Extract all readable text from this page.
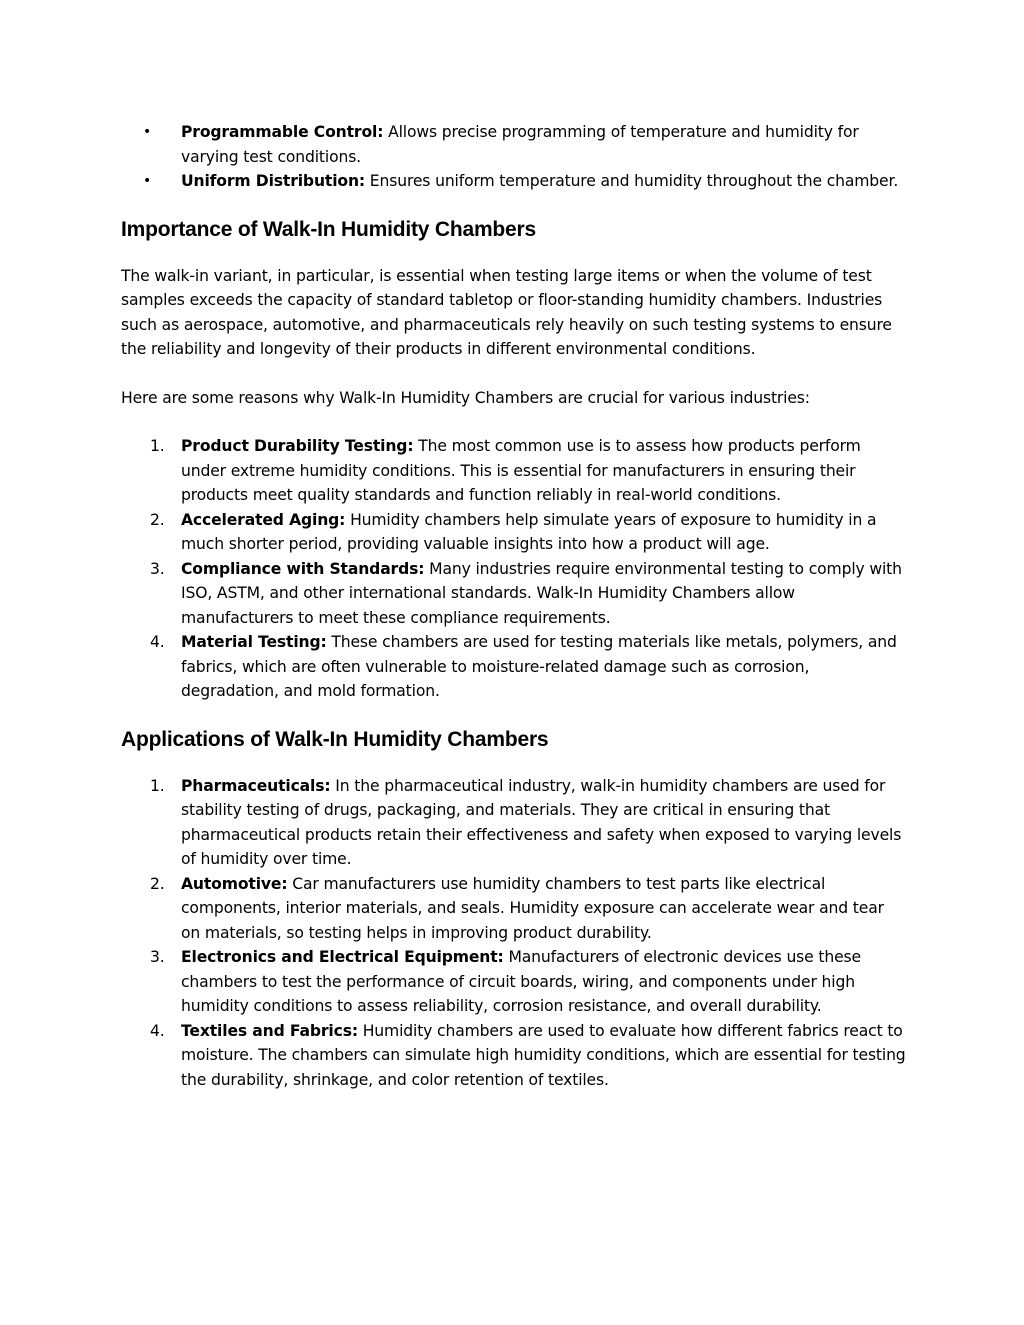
• Programmable Control: Allows precise programming of temperature and humidity for varying test conditions.
• Uniform Distribution: Ensures uniform temperature and humidity throughout the chamber.
Importance of Walk-In Humidity Chambers

The walk-in variant, in particular, is essential when testing large items or when the volume of test samples exceeds the capacity of standard tabletop or floor-standing humidity chambers. Industries such as aerospace, automotive, and pharmaceuticals rely heavily on such testing systems to ensure the reliability and longevity of their products in different environmental conditions.

Here are some reasons why Walk-In Humidity Chambers are crucial for various industries:

1. Product Durability Testing: The most common use is to assess how products perform under extreme humidity conditions. This is essential for manufacturers in ensuring their products meet quality standards and function reliably in real-world conditions.
2. Accelerated Aging: Humidity chambers help simulate years of exposure to humidity in a much shorter period, providing valuable insights into how a product will age.
3. Compliance with Standards: Many industries require environmental testing to comply with ISO, ASTM, and other international standards. Walk-In Humidity Chambers allow manufacturers to meet these compliance requirements.
4. Material Testing: These chambers are used for testing materials like metals, polymers, and fabrics, which are often vulnerable to moisture-related damage such as corrosion, degradation, and mold formation.
Applications of Walk-In Humidity Chambers
1. Pharmaceuticals: In the pharmaceutical industry, walk-in humidity chambers are used for stability testing of drugs, packaging, and materials. They are critical in ensuring that pharmaceutical products retain their effectiveness and safety when exposed to varying levels of humidity over time.
2. Automotive: Car manufacturers use humidity chambers to test parts like electrical components, interior materials, and seals. Humidity exposure can accelerate wear and tear on materials, so testing helps in improving product durability.
3. Electronics and Electrical Equipment: Manufacturers of electronic devices use these chambers to test the performance of circuit boards, wiring, and components under high humidity conditions to assess reliability, corrosion resistance, and overall durability.
4. Textiles and Fabrics: Humidity chambers are used to evaluate how different fabrics react to moisture. The chambers can simulate high humidity conditions, which are essential for testing the durability, shrinkage, and color retention of textiles.
